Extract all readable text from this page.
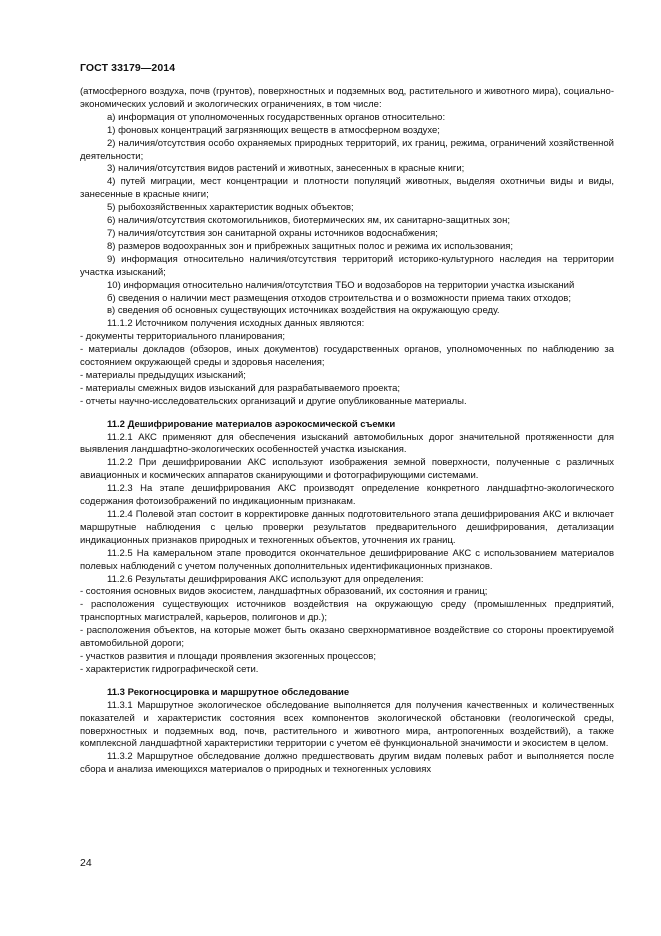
ГОСТ 33179—2014

(атмосферного воздуха, почв (грунтов), поверхностных и подземных вод, растительного и животного мира), социально-экономических условий и экологических ограничениях, в том числе:

а) информация от уполномоченных государственных органов относительно:

1) фоновых концентраций загрязняющих веществ в атмосферном воздухе;

2) наличия/отсутствия особо охраняемых природных территорий, их границ, режима, ограничений хозяйственной деятельности;

3) наличия/отсутствия видов растений и животных, занесенных в красные книги;

4) путей миграции, мест концентрации и плотности популяций животных, выделяя охотничьи виды и виды, занесенные в красные книги;

5) рыбохозяйственных характеристик водных объектов;

6) наличия/отсутствия скотомогильников, биотермических ям, их санитарно-защитных зон;

7) наличия/отсутствия зон санитарной охраны источников водоснабжения;

8) размеров водоохранных зон и прибрежных защитных полос и режима их использования;

9) информация относительно наличия/отсутствия территорий историко-культурного наследия на территории участка изысканий;

10) информация относительно наличия/отсутствия ТБО и водозаборов на территории участка изысканий

б) сведения о наличии мест размещения отходов строительства и о возможности приема таких отходов;

в) сведения об основных существующих источниках воздействия на окружающую среду.

11.1.2 Источником получения исходных данных являются:

- документы территориального планирования;

- материалы докладов (обзоров, иных документов) государственных органов, уполномоченных по наблюдению за состоянием окружающей среды и здоровья населения;

- материалы предыдущих изысканий;

- материалы смежных видов изысканий для разрабатываемого проекта;

- отчеты научно-исследовательских организаций и другие опубликованные материалы.

11.2 Дешифрирование материалов аэрокосмической съемки

11.2.1 АКС применяют для обеспечения изысканий автомобильных дорог значительной протяженности для выявления ландшафтно-экологических особенностей участка изыскания.

11.2.2 При дешифрировании АКС используют изображения земной поверхности, полученные с различных авиационных и космических аппаратов сканирующими и фотографирующими системами.

11.2.3 На этапе дешифрирования АКС производят определение конкретного ландшафтно-экологического содержания фотоизображений по индикационным признакам.

11.2.4 Полевой этап состоит в корректировке данных подготовительного этапа дешифрирования АКС и включает маршрутные наблюдения с целью проверки результатов предварительного дешифрирования, детализации индикационных признаков природных и техногенных объектов, уточнения их границ.

11.2.5 На камеральном этапе проводится окончательное дешифрирование АКС с использованием материалов полевых наблюдений с учетом полученных дополнительных идентификационных признаков.

11.2.6 Результаты дешифрирования АКС используют для определения:

- состояния основных видов экосистем, ландшафтных образований, их состояния и границ;

- расположения существующих источников воздействия на окружающую среду (промышленных предприятий, транспортных магистралей, карьеров, полигонов и др.);

- расположения объектов, на которые может быть оказано сверхнормативное воздействие со стороны проектируемой автомобильной дороги;

- участков развития и площади проявления экзогенных процессов;

- характеристик гидрографической сети.

11.3 Рекогносцировка и маршрутное обследование

11.3.1 Маршрутное экологическое обследование выполняется для получения качественных и количественных показателей и характеристик состояния всех компонентов экологической обстановки (геологической среды, поверхностных и подземных вод, почв, растительного и животного мира, антропогенных воздействий), а также комплексной ландшафтной характеристики территории с учетом её функциональной значимости и экосистем в целом.

11.3.2 Маршрутное обследование должно предшествовать другим видам полевых работ и выполняется после сбора и анализа имеющихся материалов о природных и техногенных условиях

24
